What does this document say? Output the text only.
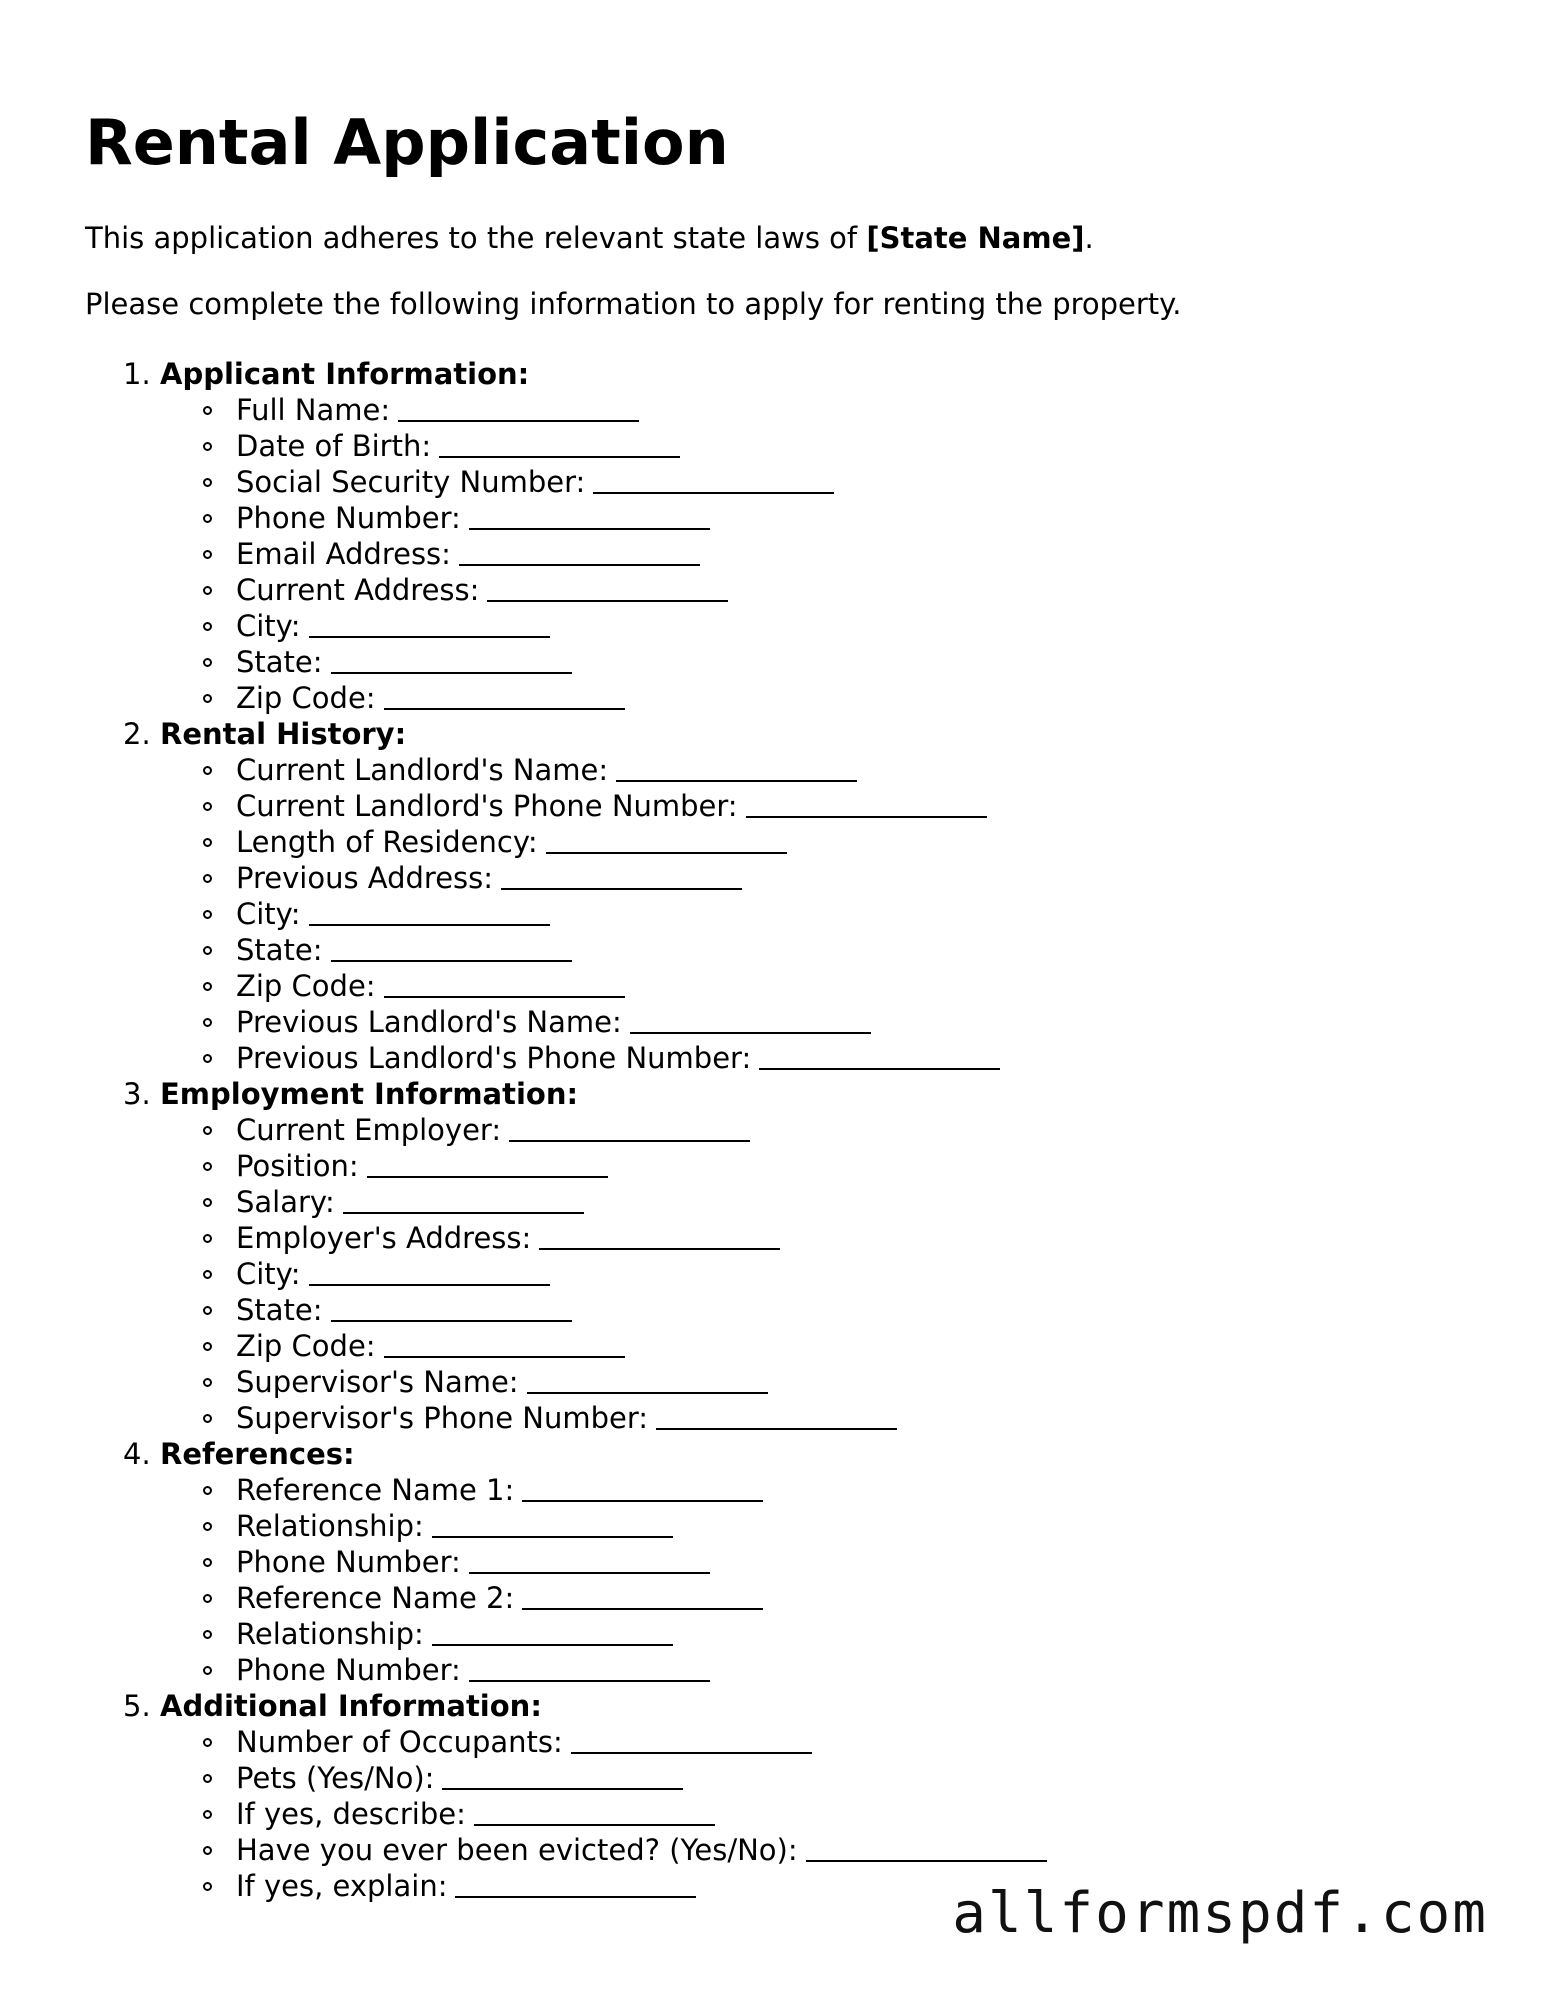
Rental Application

This application adheres to the relevant state laws of [State Name].

Please complete the following information to apply for renting the property.

1. Applicant Information:
Full Name:
Date of Birth:
Social Security Number:
Phone Number:
Email Address:
Current Address:
City:
State:
Zip Code:
2. Rental History:
Current Landlord's Name:
Current Landlord's Phone Number:
Length of Residency:
Previous Address:
City:
State:
Zip Code:
Previous Landlord's Name:
Previous Landlord's Phone Number:
3. Employment Information:
Current Employer:
Position:
Salary:
Employer's Address:
City:
State:
Zip Code:
Supervisor's Name:
Supervisor's Phone Number:
4. References:
Reference Name 1:
Relationship:
Phone Number:
Reference Name 2:
Relationship:
Phone Number:
5. Additional Information:
Number of Occupants:
Pets (Yes/No):
If yes, describe:
Have you ever been evicted? (Yes/No):
If yes, explain:	allformspdf.com
